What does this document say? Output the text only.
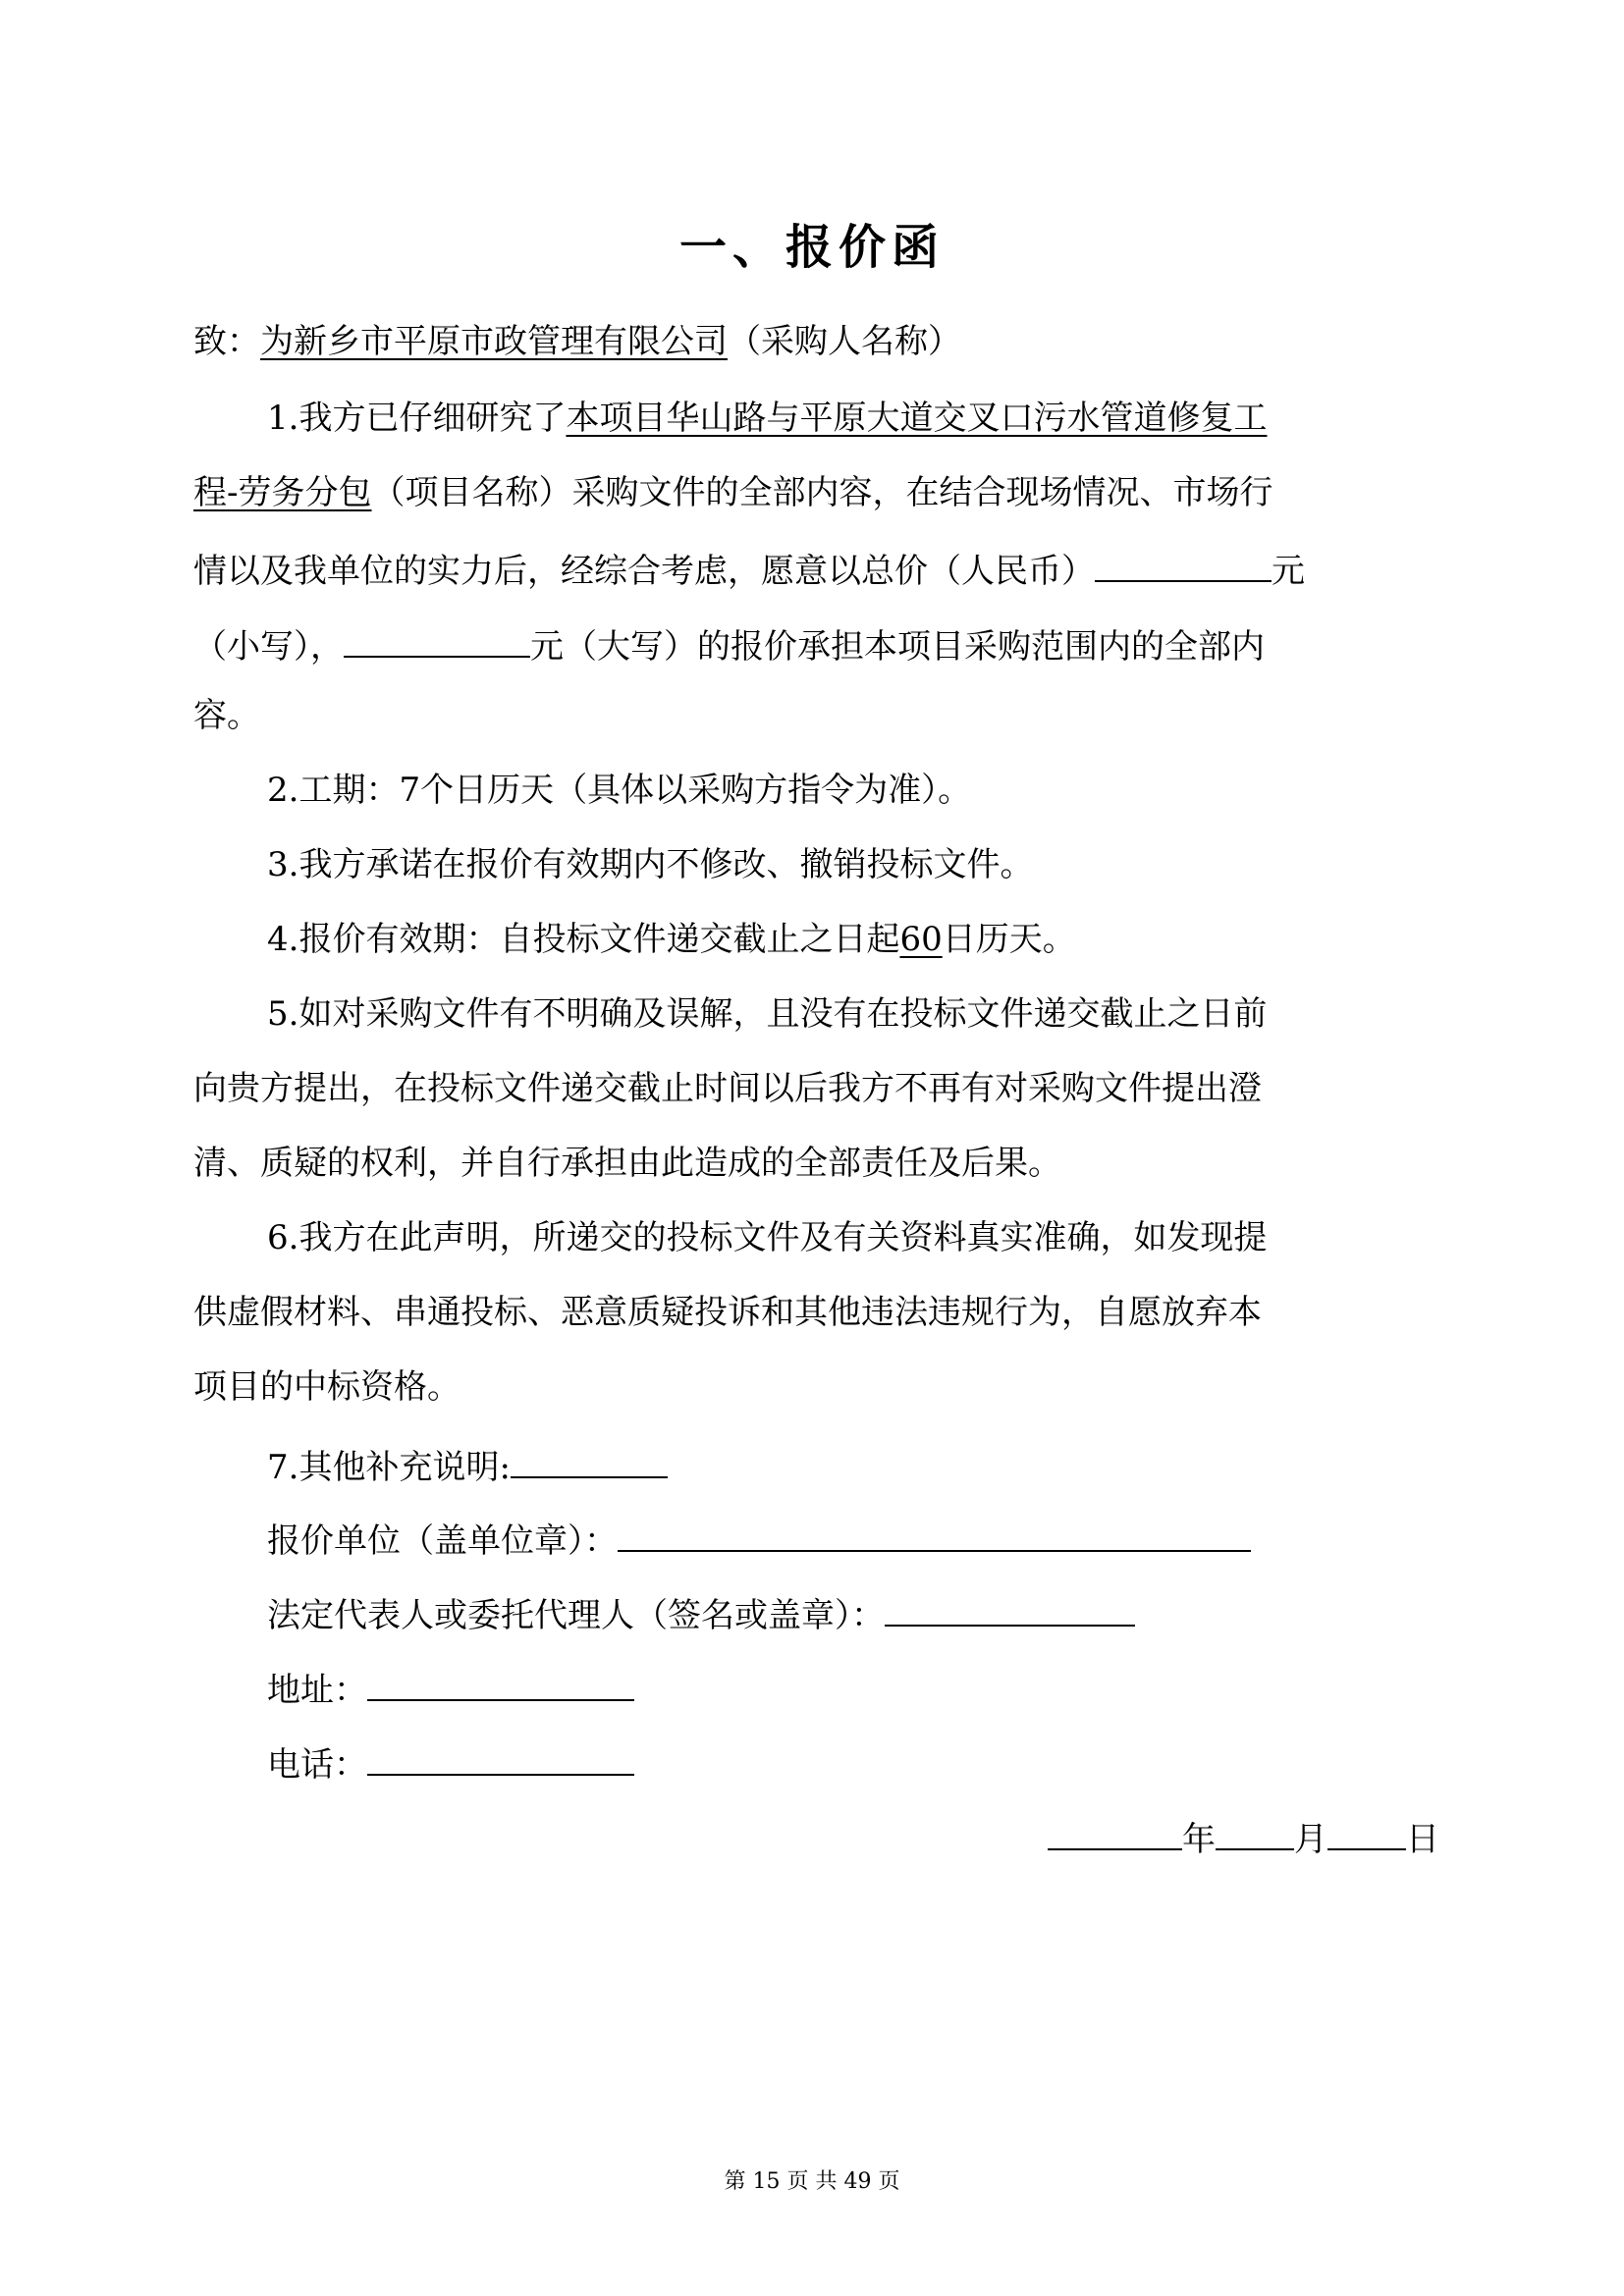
一、报价函
致：为新乡市平原市政管理有限公司（采购人名称）
1.我方已仔细研究了本项目华山路与平原大道交叉口污水管道修复工
程-劳务分包（项目名称）采购文件的全部内容，在结合现场情况、市场行
情以及我单位的实力后，经综合考虑，愿意以总价（人民币）	元
（小写），	元（大写）的报价承担本项目采购范围内的全部内
容。
2.工期：7个日历天（具体以采购方指令为准）。
3.我方承诺在报价有效期内不修改、撤销投标文件。
4.报价有效期：自投标文件递交截止之日起60日历天。
5.如对采购文件有不明确及误解，且没有在投标文件递交截止之日前
向贵方提出，在投标文件递交截止时间以后我方不再有对采购文件提出澄
清、质疑的权利，并自行承担由此造成的全部责任及后果。
6.我方在此声明，所递交的投标文件及有关资料真实准确，如发现提
供虚假材料、串通投标、恶意质疑投诉和其他违法违规行为，自愿放弃本
项目的中标资格。
7.其他补充说明:
报价单位（盖单位章）：
法定代表人或委托代理人（签名或盖章）：
地址：
电话：
年 月 日
第 15 页 共 49 页
